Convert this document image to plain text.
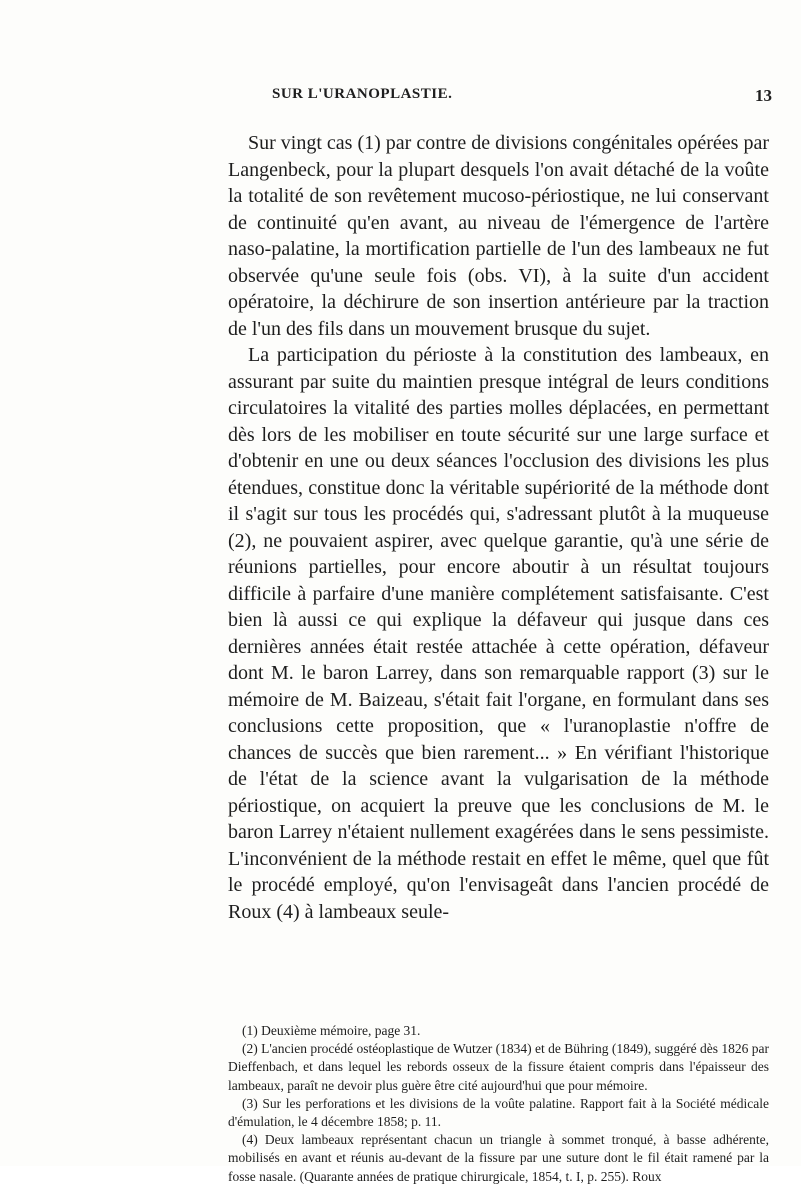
SUR L'URANOPLASTIE.	13

Sur vingt cas (1) par contre de divisions congénitales opérées par Langenbeck, pour la plupart desquels l'on avait détaché de la voûte la totalité de son revêtement mucoso-périostique, ne lui conservant de continuité qu'en avant, au niveau de l'émergence de l'artère naso-palatine, la mortification partielle de l'un des lambeaux ne fut observée qu'une seule fois (obs. VI), à la suite d'un accident opératoire, la déchirure de son insertion antérieure par la traction de l'un des fils dans un mouvement brusque du sujet.

La participation du périoste à la constitution des lambeaux, en assurant par suite du maintien presque intégral de leurs conditions circulatoires la vitalité des parties molles déplacées, en permettant dès lors de les mobiliser en toute sécurité sur une large surface et d'obtenir en une ou deux séances l'occlusion des divisions les plus étendues, constitue donc la véritable supériorité de la méthode dont il s'agit sur tous les procédés qui, s'adressant plutôt à la muqueuse (2), ne pouvaient aspirer, avec quelque garantie, qu'à une série de réunions partielles, pour encore aboutir à un résultat toujours difficile à parfaire d'une manière complétement satisfaisante. C'est bien là aussi ce qui explique la défaveur qui jusque dans ces dernières années était restée attachée à cette opération, défaveur dont M. le baron Larrey, dans son remarquable rapport (3) sur le mémoire de M. Baizeau, s'était fait l'organe, en formulant dans ses conclusions cette proposition, que « l'uranoplastie n'offre de chances de succès que bien rarement... » En vérifiant l'historique de l'état de la science avant la vulgarisation de la méthode périostique, on acquiert la preuve que les conclusions de M. le baron Larrey n'étaient nullement exagérées dans le sens pessimiste. L'inconvénient de la méthode restait en effet le même, quel que fût le procédé employé, qu'on l'envisageât dans l'ancien procédé de Roux (4) à lambeaux seule-

(1) Deuxième mémoire, page 31.

(2) L'ancien procédé ostéoplastique de Wutzer (1834) et de Bühring (1849), suggéré dès 1826 par Dieffenbach, et dans lequel les rebords osseux de la fissure étaient compris dans l'épaisseur des lambeaux, paraît ne devoir plus guère être cité aujourd'hui que pour mémoire.

(3) Sur les perforations et les divisions de la voûte palatine. Rapport fait à la Société médicale d'émulation, le 4 décembre 1858; p. 11.

(4) Deux lambeaux représentant chacun un triangle à sommet tronqué, à basse adhérente, mobilisés en avant et réunis au-devant de la fissure par une suture dont le fil était ramené par la fosse nasale. (Quarante années de pratique chirurgicale, 1854, t. I, p. 255). Roux
